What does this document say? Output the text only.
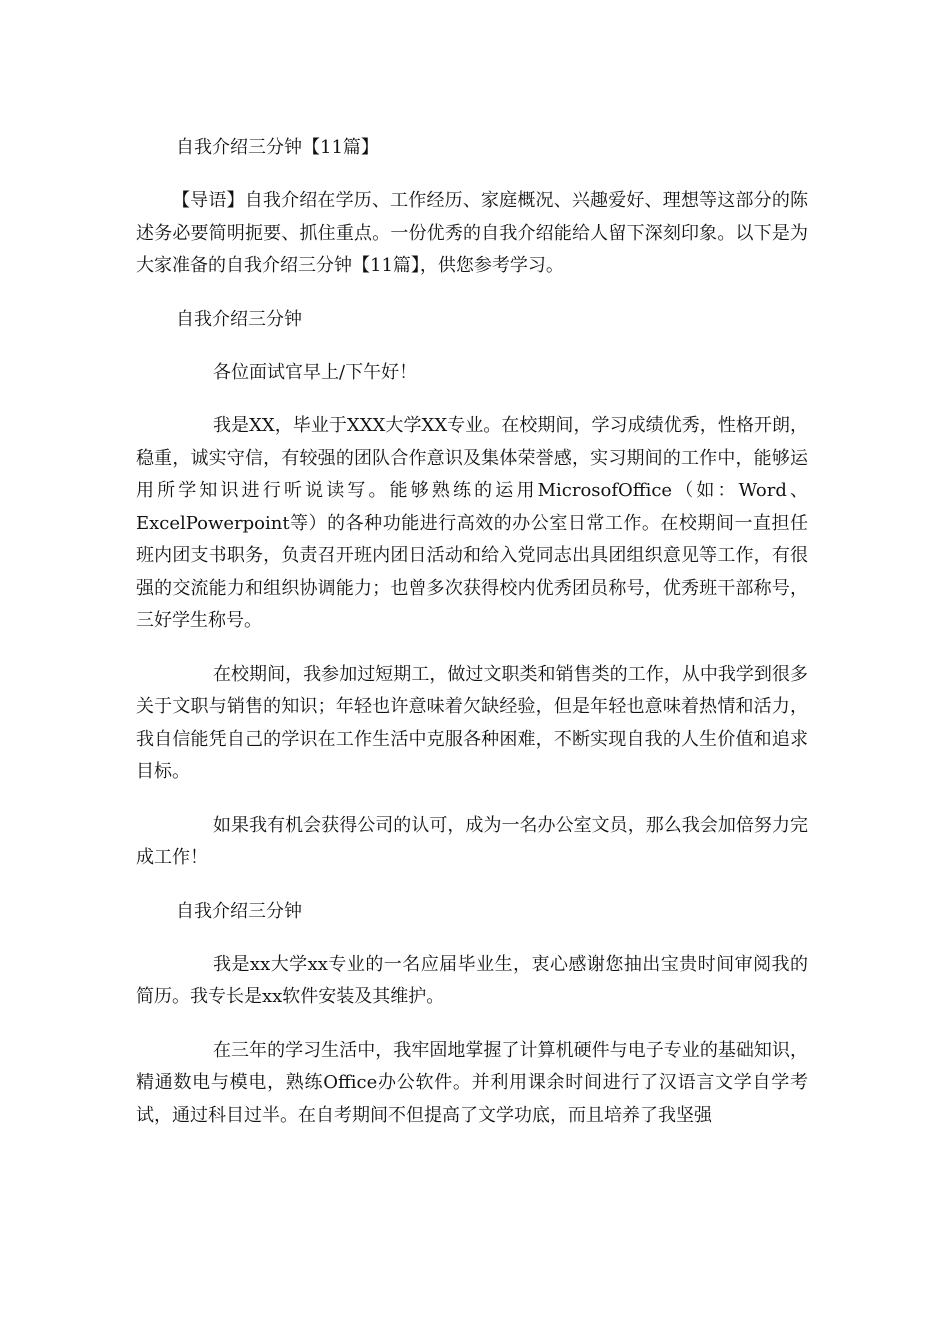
自我介绍三分钟【11篇】
【导语】自我介绍在学历、工作经历、家庭概况、兴趣爱好、理想等这部分的陈述务必要简明扼要、抓住重点。一份优秀的自我介绍能给人留下深刻印象。以下是为大家准备的自我介绍三分钟【11篇】，供您参考学习。
自我介绍三分钟
各位面试官早上/下午好！
我是XX，毕业于XXX大学XX专业。在校期间，学习成绩优秀，性格开朗，稳重，诚实守信，有较强的团队合作意识及集体荣誉感，实习期间的工作中，能够运用所学知识进行听说读写。能够熟练的运用MicrosofOffice（如：Word、ExcelPowerpoint等）的各种功能进行高效的办公室日常工作。在校期间一直担任班内团支书职务，负责召开班内团日活动和给入党同志出具团组织意见等工作，有很强的交流能力和组织协调能力；也曾多次获得校内优秀团员称号，优秀班干部称号，三好学生称号。
在校期间，我参加过短期工，做过文职类和销售类的工作，从中我学到很多关于文职与销售的知识；年轻也许意味着欠缺经验，但是年轻也意味着热情和活力，我自信能凭自己的学识在工作生活中克服各种困难，不断实现自我的人生价值和追求目标。
如果我有机会获得公司的认可，成为一名办公室文员，那么我会加倍努力完成工作！
自我介绍三分钟
我是xx大学xx专业的一名应届毕业生，衷心感谢您抽出宝贵时间审阅我的简历。我专长是xx软件安装及其维护。
在三年的学习生活中，我牢固地掌握了计算机硬件与电子专业的基础知识，精通数电与模电，熟练Office办公软件。并利用课余时间进行了汉语言文学自学考试，通过科目过半。在自考期间不但提高了文学功底，而且培养了我坚强
